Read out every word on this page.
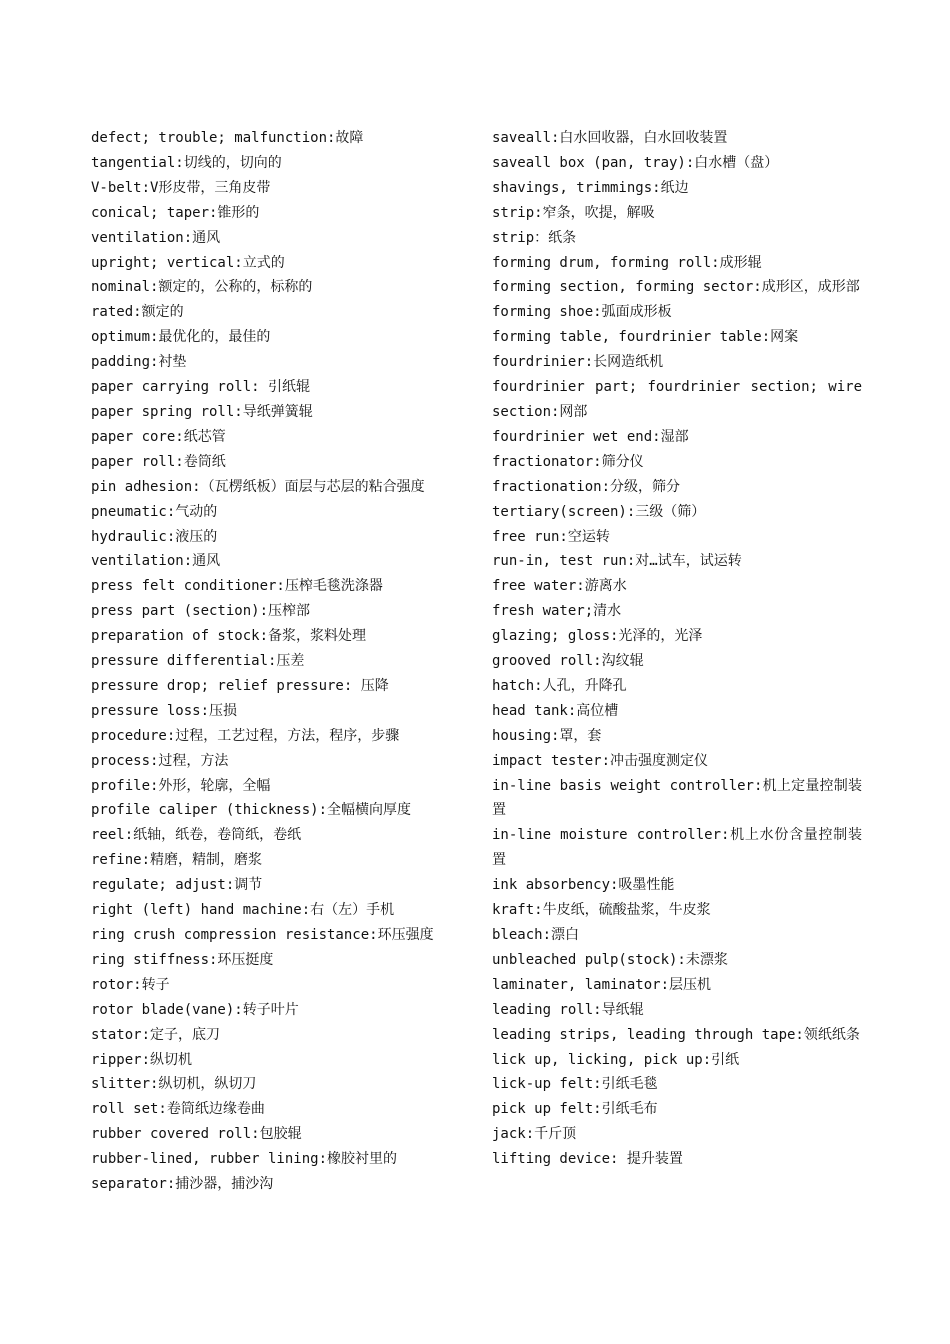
defect; trouble; malfunction:故障

tangential:切线的，切向的

V-belt:V形皮带，三角皮带

conical; taper:锥形的

ventilation:通风

upright; vertical:立式的

nominal:额定的，公称的，标称的

rated:额定的

optimum:最优化的，最佳的

padding:衬垫

paper carrying roll: 引纸辊

paper spring roll:导纸弹簧辊

paper core:纸芯管

paper roll:卷筒纸

pin adhesion:（瓦楞纸板）面层与芯层的粘合强度

pneumatic:气动的

hydraulic:液压的

ventilation:通风

press felt conditioner:压榨毛毯洗涤器

press part (section):压榨部

preparation of stock:备浆，浆料处理

pressure differential:压差

pressure drop; relief pressure: 压降

pressure loss:压损

procedure:过程，工艺过程，方法，程序，步骤

process:过程，方法

profile:外形，轮廓，全幅

profile caliper (thickness):全幅横向厚度

reel:纸轴，纸卷，卷筒纸，卷纸

refine:精磨，精制，磨浆

regulate; adjust:调节

right (left) hand machine:右（左）手机

ring crush compression resistance:环压强度

ring stiffness:环压挺度

rotor:转子

rotor blade(vane):转子叶片

stator:定子，底刀

ripper:纵切机

slitter:纵切机，纵切刀

roll set:卷筒纸边缘卷曲

rubber covered roll:包胶辊

rubber-lined, rubber lining:橡胶衬里的

separator:捕沙器，捕沙沟

saveall:白水回收器，白水回收装置

saveall box (pan, tray):白水槽（盘）

shavings, trimmings:纸边

strip:窄条，吹提，解吸

strip：纸条

forming drum, forming roll:成形辊

forming section, forming sector:成形区，成形部

forming shoe:弧面成形板

forming table, fourdrinier table:网案

fourdrinier:长网造纸机

fourdrinier part; fourdrinier section; wire section:网部

fourdrinier wet end:湿部

fractionator:筛分仪

fractionation:分级，筛分

tertiary(screen):三级（筛）

free run:空运转

run-in, test run:对…试车，试运转

free water:游离水

fresh water;清水

glazing; gloss:光泽的，光泽

grooved roll:沟纹辊

hatch:人孔，升降孔

head tank:高位槽

housing:罩，套

impact tester:冲击强度测定仪

in-line basis weight controller:机上定量控制装置

in-line moisture controller:机上水份含量控制装置

ink absorbency:吸墨性能

kraft:牛皮纸，硫酸盐浆，牛皮浆

bleach:漂白

unbleached pulp(stock):未漂浆

laminater, laminator:层压机

leading roll:导纸辊

leading strips, leading through tape:领纸纸条

lick up, licking, pick up:引纸

lick-up felt:引纸毛毯

pick up felt:引纸毛布

jack:千斤顶

lifting device: 提升装置
